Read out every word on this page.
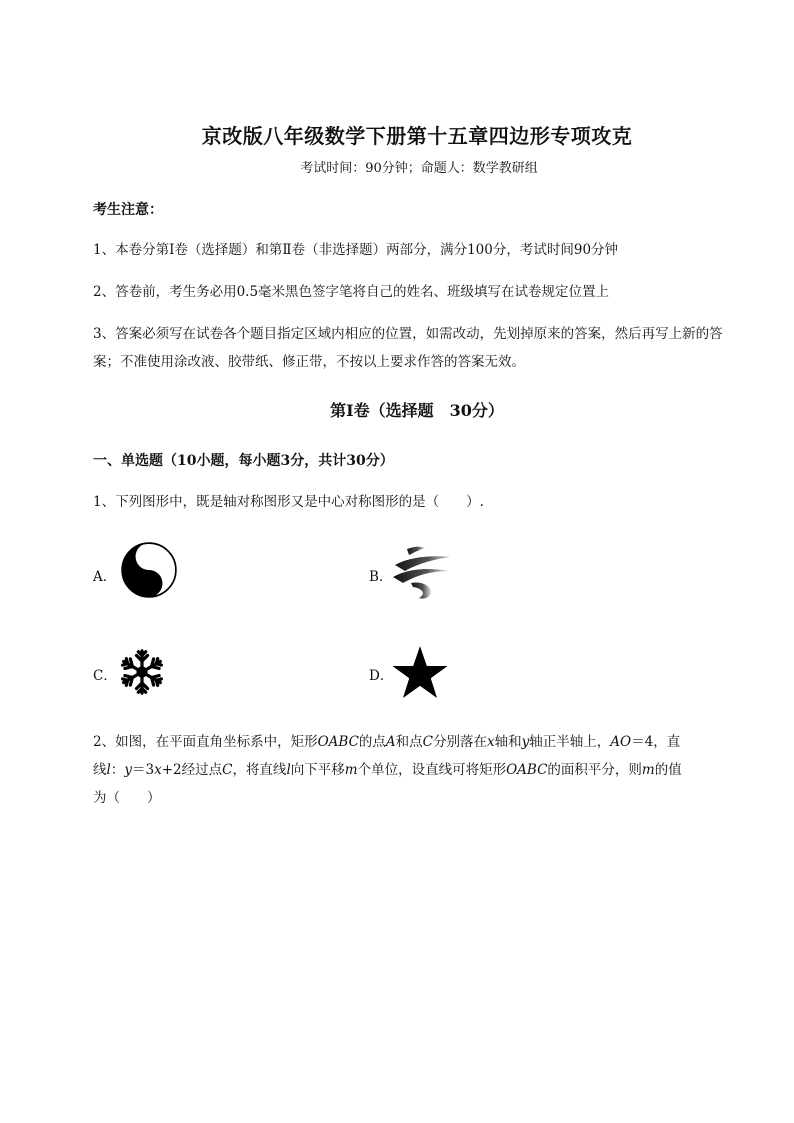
京改版八年级数学下册第十五章四边形专项攻克
考试时间：90分钟；命题人：数学教研组
考生注意：
1、本卷分第I卷（选择题）和第Ⅱ卷（非选择题）两部分，满分100分，考试时间90分钟
2、答卷前，考生务必用0.5毫米黑色签字笔将自己的姓名、班级填写在试卷规定位置上
3、答案必须写在试卷各个题目指定区域内相应的位置，如需改动，先划掉原来的答案，然后再写上新的答案；不准使用涂改液、胶带纸、修正带，不按以上要求作答的答案无效。
第I卷（选择题　30分）
一、单选题（10小题，每小题3分，共计30分）
1、下列图形中，既是轴对称图形又是中心对称图形的是（　　）.
A．	B．
C．	D．
2、如图，在平面直角坐标系中，矩形OABC的点A和点C分别落在x轴和y轴正半轴上，AO＝4，直
线l：y＝3x+2经过点C，将直线l向下平移m个单位，设直线可将矩形OABC的面积平分，则m的值
为（　　）
